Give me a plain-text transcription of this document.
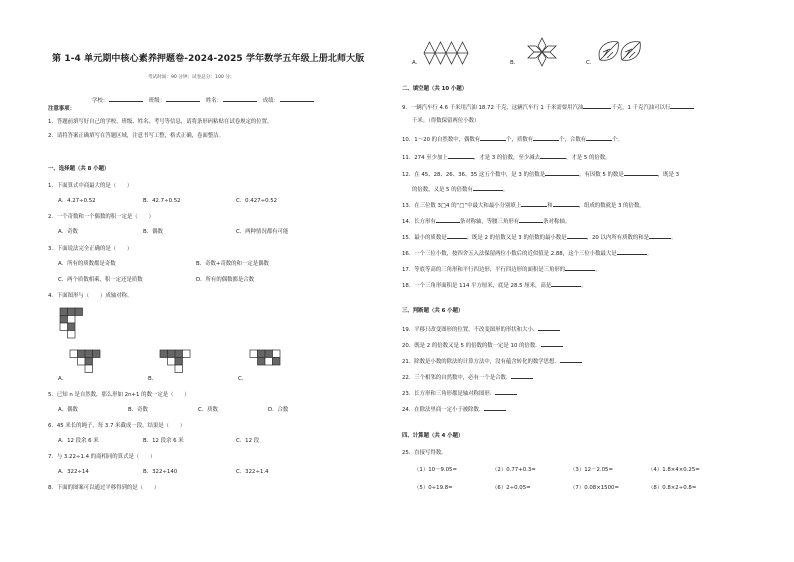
第 1-4 单元期中核心素养押题卷-2024-2025 学年数学五年级上册北师大版
考试时间：90 分钟；试卷总分：100 分；
学校：	班级：	姓名：	成绩：
注意事项：
1．答题前填写好自己的学校、班级、姓名、考号等信息，请将条形码粘贴在试卷规定的位置。
2．请将答案正确填写在答题区域，注意书写工整，格式正确，卷面整洁。
一、选择题（共 8 小题）
1．下面算式中商最大的是（　　）
A．4.27÷0.52	B．42.7÷0.52	C．0.427÷0.52
2．一个奇数和一个偶数的积一定是（　　）
A．奇数	B．偶数	C．两种情况都有可能
3．下面说法完全正确的是（　　）
A．所有的质数都是奇数	B．奇数+奇数的和一定是偶数
C．两个质数相乘，积一定还是质数	D．所有的偶数都是合数
4．下面图形与（　　）成轴对称。
A．	B．	C．
5．已知 n 是自然数，那么形如 2n+1 的数一定是（　　）
A．偶数	B．奇数	C．质数	D．合数
6．45 米长的绳子，每 3.7 米截成一段，结果是（　　）
A．12 段余 6 米	B．12 段余 6 米	C．12 段
7．与 3.22÷1.4 的商相同的算式是（　　）
A．322÷14	B．322÷140	C．322÷1.4
8．下面的图案可以通过平移得到的是（　　）
A．	B．	C．
二、填空题（共 10 小题）
9．一辆汽车行 4.6 千米用汽油 18.72 千克，这辆汽车行 1 千米需要用汽油	千克，1 千克汽油可以行
千米。（得数保留两位小数）
10．1～20 的自然数中，偶数有	个，质数有	个，合数有	个。
11．274 至少加上	，才是 3 的倍数，至少减去	，才是 5 的倍数。
12．在 45、28、26、36、35 这五个数中，是 3 的倍数是	，有因数 5 的数是	，既是 3
的倍数，又是 5 的倍数有	。
13．在三位数 3□4 的“□”中最大和最小分别填上	和	，组成的数就是 3 的倍数。
14．长方形有	条对称轴，等腰三角形有	条对称轴。
15．最小的质数是	；既是 2 的倍数又是 3 的倍数的最小数是	，20 以内所有质数的和是	。
16．一个三位小数，按四舍五入法保留两位小数后的近似值是 2.88，这个三位小数最大是	。
17．等底等高的三角形和平行四边形，平行四边形的面积是三角形的	。
18．一个三角形面积是 114 平方厘米，底是 28.5 厘米，高是	。
三、判断题（共 6 小题）
19．平移只改变图形的位置，不改变图形的形状和大小．
20．既是 2 的倍数又是 5 的倍数的数一定是 10 的倍数．
21．除数是小数的除法的计算方法中，没有蕴含转化的数学思想．
22．三个相邻的自然数中，必有一个是合数．
23．长方形和三角形都是轴对称图形．
24．在除法里商一定小于被除数．
四、计算题（共 4 小题）
25．直接写得数。
（1）10－9.05=	（2）0.77+0.3=	（3）12－2.05=	（4）1.8×4×0.25=
（5）0÷19.8=	（6）2÷0.05=	（7）0.08×1500=	（8）0.8×2÷0.8=
